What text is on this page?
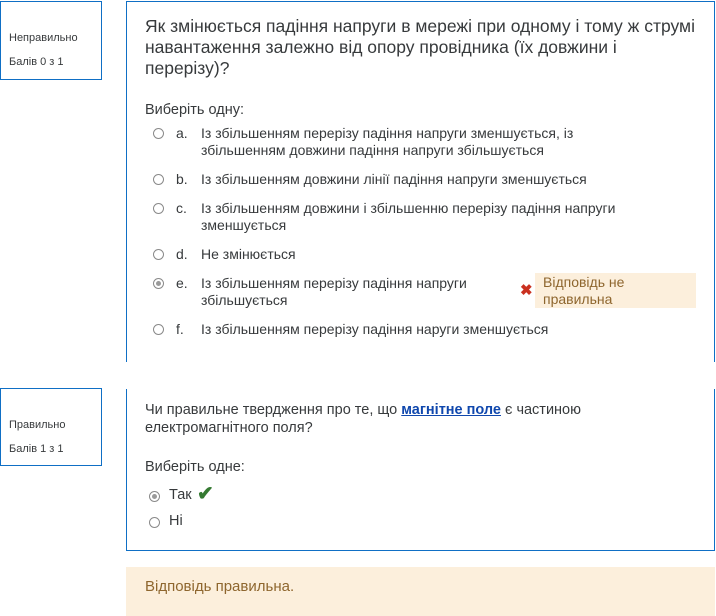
Неправильно
Балів 0 з 1
Як змінюється падіння напруги в мережі при одному і тому ж струмі навантаження залежно від опору провідника (їх довжини і перерізу)?
Виберіть одну:
a. Із збільшенням перерізу падіння напруги зменшується, із збільшенням довжини падіння напруги збільшується
b. Із збільшенням довжини лінії падіння напруги зменшується
c. Із збільшенням довжини і збільшенню перерізу падіння напруги зменшується
d. Не змінюється
e. Із збільшенням перерізу падіння напруги збільшується
✖ Відповідь не правильна
f. Із збільшенням перерізу падіння наруги зменшується
Правильно
Балів 1 з 1
Чи правильне твердження про те, що магнітне поле є частиною електромагнітного поля?
Виберіть одне:
Так ✔
Ні
Відповідь правильна.
